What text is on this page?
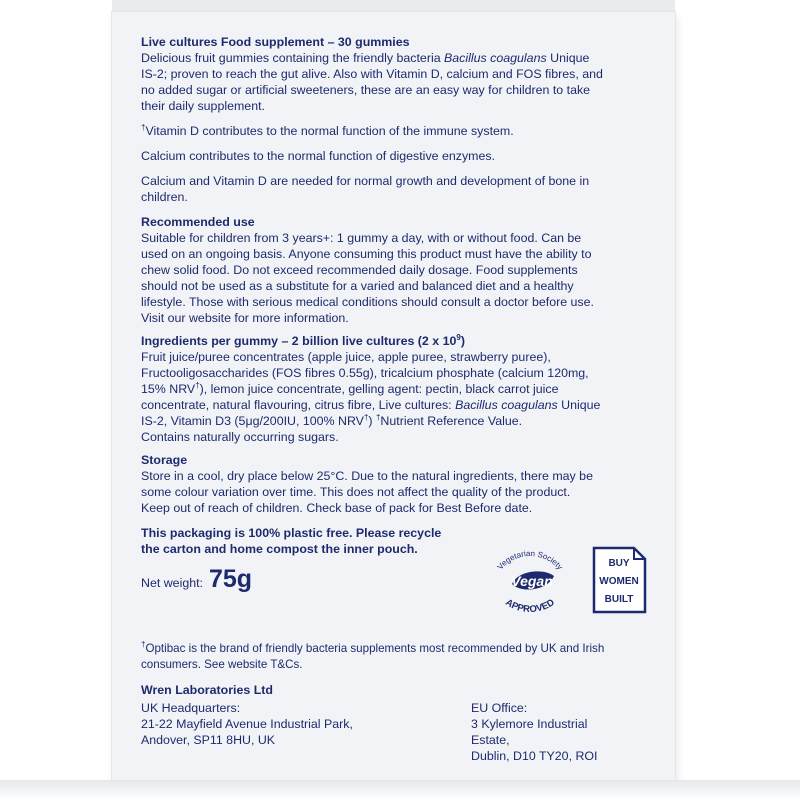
Live cultures Food supplement – 30 gummies

Delicious fruit gummies containing the friendly bacteria Bacillus coagulans Unique

IS-2; proven to reach the gut alive. Also with Vitamin D, calcium and FOS fibres, and

no added sugar or artificial sweeteners, these are an easy way for children to take

their daily supplement.

†Vitamin D contributes to the normal function of the immune system.

Calcium contributes to the normal function of digestive enzymes.

Calcium and Vitamin D are needed for normal growth and development of bone in

children.

Recommended use

Suitable for children from 3 years+: 1 gummy a day, with or without food. Can be

used on an ongoing basis. Anyone consuming this product must have the ability to

chew solid food. Do not exceed recommended daily dosage. Food supplements

should not be used as a substitute for a varied and balanced diet and a healthy

lifestyle. Those with serious medical conditions should consult a doctor before use.

Visit our website for more information.

Ingredients per gummy – 2 billion live cultures (2 x $10^9$)

Fruit juice/puree concentrates (apple juice, apple puree, strawberry puree),

Fructooligosaccharides (FOS fibres 0.55g), tricalcium phosphate (calcium 120mg,

15% NRV†), lemon juice concentrate, gelling agent: pectin, black carrot juice

concentrate, natural flavouring, citrus fibre, Live cultures: Bacillus coagulans Unique

IS-2, Vitamin D3 (5μg/200IU, 100% NRV†) †Nutrient Reference Value.

Contains naturally occurring sugars.

Storage

Store in a cool, dry place below 25°C. Due to the natural ingredients, there may be

some colour variation over time. This does not affect the quality of the product.

Keep out of reach of children. Check base of pack for Best Before date.

This packaging is 100% plastic free. Please recycle

the carton and home compost the inner pouch.

Net weight: 75g

†Optibac is the brand of friendly bacteria supplements most recommended by UK and Irish

consumers. See website T&Cs.

Wren Laboratories Ltd

UK Headquarters:

21-22 Mayfield Avenue Industrial Park,

Andover, SP11 8HU, UK

EU Office:

3 Kylemore Industrial Estate,

Dublin, D10 TY20, ROI

Vegetarian Society
Vegan
APPROVED
BUY
WOMEN
BUILT
